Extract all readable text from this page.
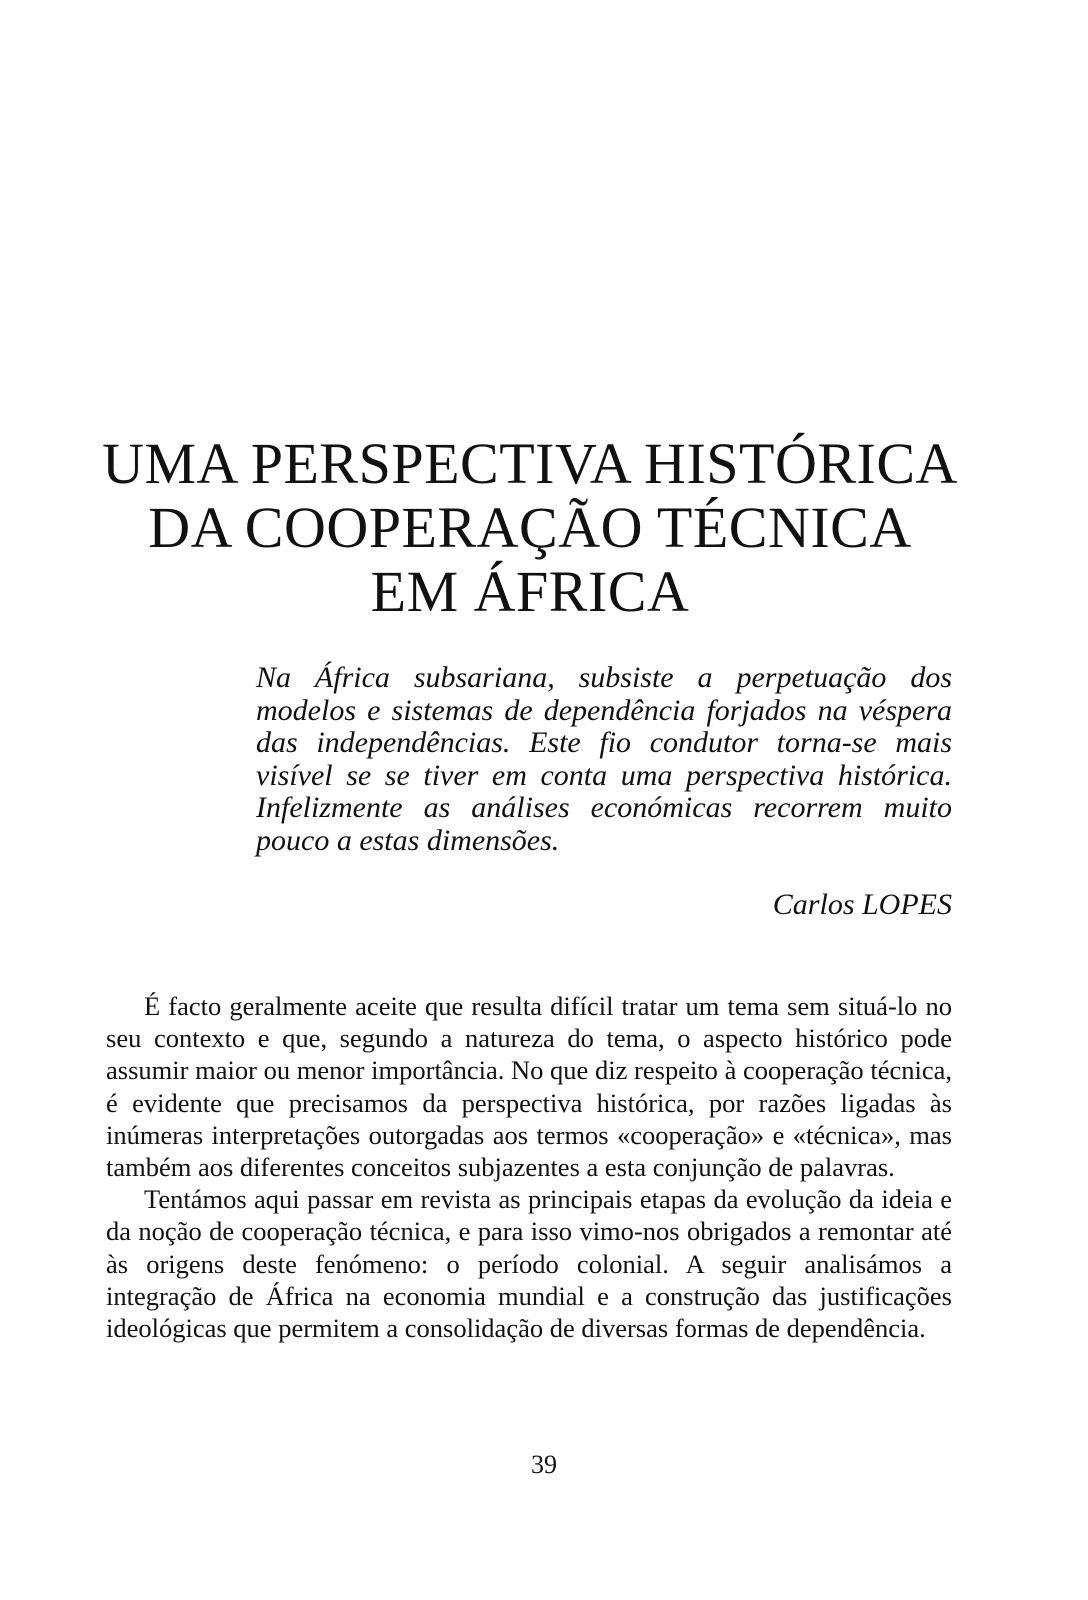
UMA PERSPECTIVA HISTÓRICA
DA COOPERAÇÃO TÉCNICA
EM ÁFRICA
Na África subsariana, subsiste a perpetuação dos modelos e sistemas de dependência forjados na véspera das independências. Este fio condutor torna-se mais visível se se tiver em conta uma perspectiva histórica. Infelizmente as análises económicas recorrem muito pouco a estas dimensões.
Carlos LOPES

É facto geralmente aceite que resulta difícil tratar um tema sem situá-lo no seu contexto e que, segundo a natureza do tema, o aspecto histórico pode assumir maior ou menor importância. No que diz respeito à cooperação técnica, é evidente que precisamos da perspectiva histórica, por razões ligadas às inúmeras interpretações outorgadas aos termos «cooperação» e «técnica», mas também aos diferentes conceitos subjazentes a esta conjunção de palavras.

Tentámos aqui passar em revista as principais etapas da evolução da ideia e da noção de cooperação técnica, e para isso vimo-nos obrigados a remontar até às origens deste fenómeno: o período colonial. A seguir analisámos a integração de África na economia mundial e a construção das justificações ideológicas que permitem a consolidação de diversas formas de dependência.

39
